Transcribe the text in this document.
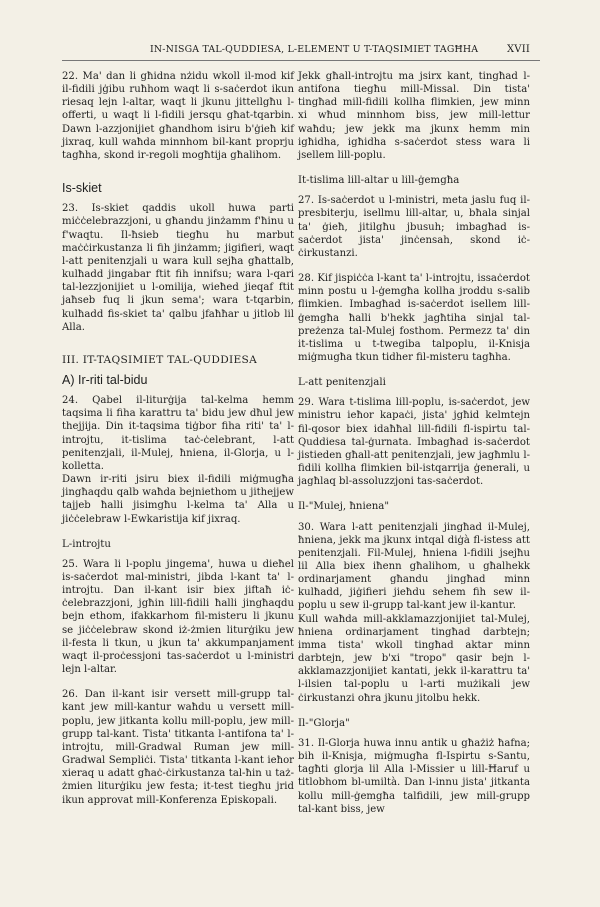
IN-NISGA TAL-QUDDIESA, L-ELEMENT U T-TAQSIMIET TAGĦHA	XVII

22. Ma' dan li għidna nżidu wkoll il-mod kif il-fidili jġibu ruħhom waqt li s-saċerdot ikun riesaq lejn l-altar, waqt li jkunu jittellgħu l-offerti, u waqt li l-fidili jersqu għat-tqarbin. Dawn l-azzjonijiet għandhom isiru b'ġieħ kif jixraq, kull waħda minnhom bil-kant proprju tagħha, skond ir-regoli mogħtija għalihom.

Is-skiet

23. Is-skiet qaddis ukoll huwa parti miċċelebrazzjoni, u għandu jinżamm f'ħinu u f'waqtu. Il-ħsieb tiegħu hu marbut maċċirkustanza li fih jinżamm; jigifieri, waqt l-att penitenzjali u wara kull sejħa għattalb, kulħadd jingabar ftit fih innifsu; wara l-qari tal-lezzjonijiet u l-omilija, wieħed jieqaf ftit jaħseb fuq li jkun sema'; wara t-tqarbin, kulħadd fis-skiet ta' qalbu jfaħħar u jitlob lil Alla.

III. IT-TAQSIMIET TAL-QUDDIESA
A) Ir-riti tal-bidu

24. Qabel il-liturġija tal-kelma hemm taqsima li fiha karattru ta' bidu jew dħul jew thejjija. Din it-taqsima tiġbor fiha riti' ta' l-introjtu, it-tislima taċ-ċelebrant, l-att penitenzjali, il-Mulej, ħniena, il-Glorja, u l-kolletta.

Dawn ir-riti jsiru biex il-fidili miġmugħa jingħaqdu qalb waħda bejniethom u jithejjew tajjeb ħalli jisimgħu l-kelma ta' Alla u jiċċelebraw l-Ewkaristija kif jixraq.

L-introjtu

25. Wara li l-poplu jingema', huwa u dieħel is-saċerdot mal-ministri, jibda l-kant ta' l-introjtu. Dan il-kant isir biex jiftaħ iċ-ċelebrazzjoni, jgħin lill-fidili ħalli jingħaqdu bejn ethom, ifakkarhom fil-misteru li jkunu se jiċċelebraw skond iż-żmien liturġiku jew il-festa li tkun, u jkun ta' akkumpanjament waqt il-proċessjoni tas-saċerdot u l-ministri lejn l-altar.

26. Dan il-kant isir versett mill-grupp tal-kant jew mill-kantur waħdu u versett mill-poplu, jew jitkanta kollu mill-poplu, jew mill-grupp tal-kant. Tista' titkanta l-antifona ta' l-introjtu, mill-Gradwal Ruman jew mill-Gradwal Sempliċi. Tista' titkanta l-kant ieħor xieraq u adatt għaċ-ċirkustanza tal-ħin u taż-żmien liturġiku jew festa; it-test tiegħu jrid ikun approvat mill-Konferenza Episkopali.

Jekk għall-introjtu ma jsirx kant, tingħad l-antifona tiegħu mill-Missal. Din tista' tingħad mill-fidili kollha flimkien, jew minn xi wħud minnhom biss, jew mill-lettur waħdu; jew jekk ma jkunx hemm min igħidha, igħidha s-saċerdot stess wara li jsellem lill-poplu.

It-tislima lill-altar u lill-ġemgħa

27. Is-saċerdot u l-ministri, meta jaslu fuq il-presbiterju, isellmu lill-altar, u, bħala sinjal ta' ġieħ, jitilgħu jbusuh; imbagħad is-saċerdot jista' jinċensah, skond iċ-ċirkustanzi.

28. Kif jispiċċa l-kant ta' l-introjtu, issaċerdot minn postu u l-ġemgħa kollha jroddu s-salib flimkien. Imbagħad is-saċerdot isellem lill-ġemgħa ħalli b'hekk jagħtiha sinjal tal-preżenza tal-Mulej fosthom. Permezz ta' din it-tislima u t-twegiba talpoplu, il-Knisja miġmugħa tkun tidher fil-misteru tagħha.

L-att penitenzjali

29. Wara t-tislima lill-poplu, is-saċerdot, jew ministru ieħor kapaċi, jista' jgħid kelmtejn fil-qosor biex idaħħal lill-fidili fl-ispirtu tal-Quddiesa tal-ġurnata. Imbagħad is-saċerdot jistieden għall-att penitenzjali, jew jagħmlu l-fidili kollha flimkien bil-istqarrija ġenerali, u jagħlaq bl-assoluzzjoni tas-saċerdot.

Il-"Mulej, ħniena"

30. Wara l-att penitenzjali jingħad il-Mulej, ħniena, jekk ma jkunx intqal diġà fl-istess att penitenzjali. Fil-Mulej, ħniena l-fidili jsejħu lil Alla biex iħenn għalihom, u għalhekk ordinarjament għandu jingħad minn kulħadd, jiġifieri jieħdu sehem fih sew il-poplu u sew il-grupp tal-kant jew il-kantur.

Kull waħda mill-akklamazzjonijiet tal-Mulej, ħniena ordinarjament tingħad darbtejn; imma tista' wkoll tingħad aktar minn darbtejn, jew b'xi "tropo" qasir bejn l-akklamazzjonijiet kantati, jekk il-karattru ta' l-ilsien tal-poplu u l-arti mużikali jew ċirkustanzi oħra jkunu jitolbu hekk.

Il-"Glorja"

31. Il-Glorja huwa innu antik u għażiż ħafna; bih il-Knisja, miġmugħa fl-Ispirtu s-Santu, tagħti glorja lil Alla l-Missier u lill-Ħaruf u titlobhom bl-umiltà. Dan l-innu jista' jitkanta kollu mill-ġemgħa talfidili, jew mill-grupp tal-kant biss, jew
